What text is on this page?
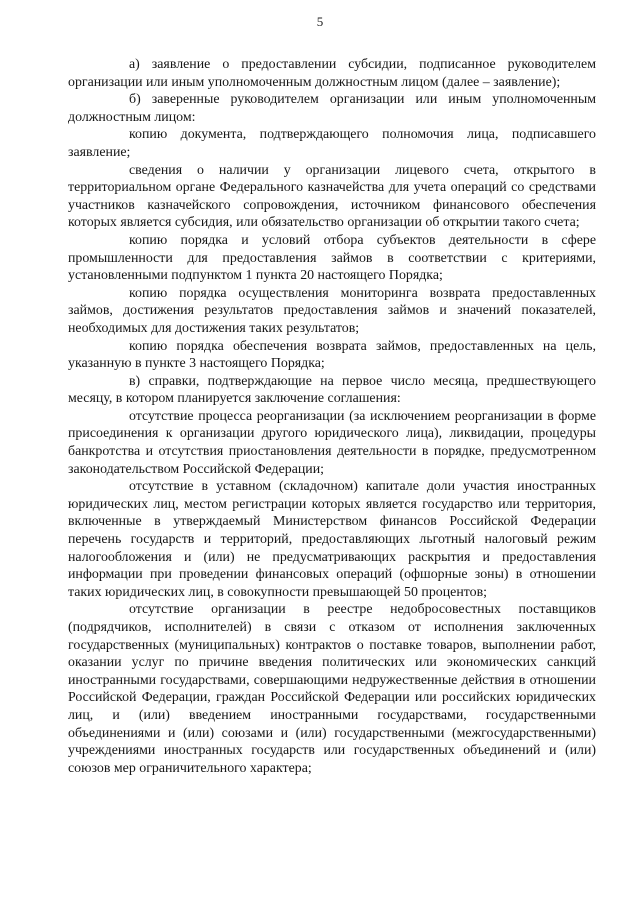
5

а) заявление о предоставлении субсидии, подписанное руководителем организации или иным уполномоченным должностным лицом (далее – заявление);

б) заверенные руководителем организации или иным уполномоченным должностным лицом:

копию документа, подтверждающего полномочия лица, подписавшего заявление;

сведения о наличии у организации лицевого счета, открытого в территориальном органе Федерального казначейства для учета операций со средствами участников казначейского сопровождения, источником финансового обеспечения которых является субсидия, или обязательство организации об открытии такого счета;

копию порядка и условий отбора субъектов деятельности в сфере промышленности для предоставления займов в соответствии с критериями, установленными подпунктом 1 пункта 20 настоящего Порядка;

копию порядка осуществления мониторинга возврата предоставленных займов, достижения результатов предоставления займов и значений показателей, необходимых для достижения таких результатов;

копию порядка обеспечения возврата займов, предоставленных на цель, указанную в пункте 3 настоящего Порядка;

в) справки, подтверждающие на первое число месяца, предшествующего месяцу, в котором планируется заключение соглашения:

отсутствие процесса реорганизации (за исключением реорганизации в форме присоединения к организации другого юридического лица), ликвидации, процедуры банкротства и отсутствия приостановления деятельности в порядке, предусмотренном законодательством Российской Федерации;

отсутствие в уставном (складочном) капитале доли участия иностранных юридических лиц, местом регистрации которых является государство или территория, включенные в утверждаемый Министерством финансов Российской Федерации перечень государств и территорий, предоставляющих льготный налоговый режим налогообложения и (или) не предусматривающих раскрытия и предоставления информации при проведении финансовых операций (офшорные зоны) в отношении таких юридических лиц, в совокупности превышающей 50 процентов;

отсутствие организации в реестре недобросовестных поставщиков (подрядчиков, исполнителей) в связи с отказом от исполнения заключенных государственных (муниципальных) контрактов о поставке товаров, выполнении работ, оказании услуг по причине введения политических или экономических санкций иностранными государствами, совершающими недружественные действия в отношении Российской Федерации, граждан Российской Федерации или российских юридических лиц, и (или) введением иностранными государствами, государственными объединениями и (или) союзами и (или) государственными (межгосударственными) учреждениями иностранных государств или государственных объединений и (или) союзов мер ограничительного характера;
